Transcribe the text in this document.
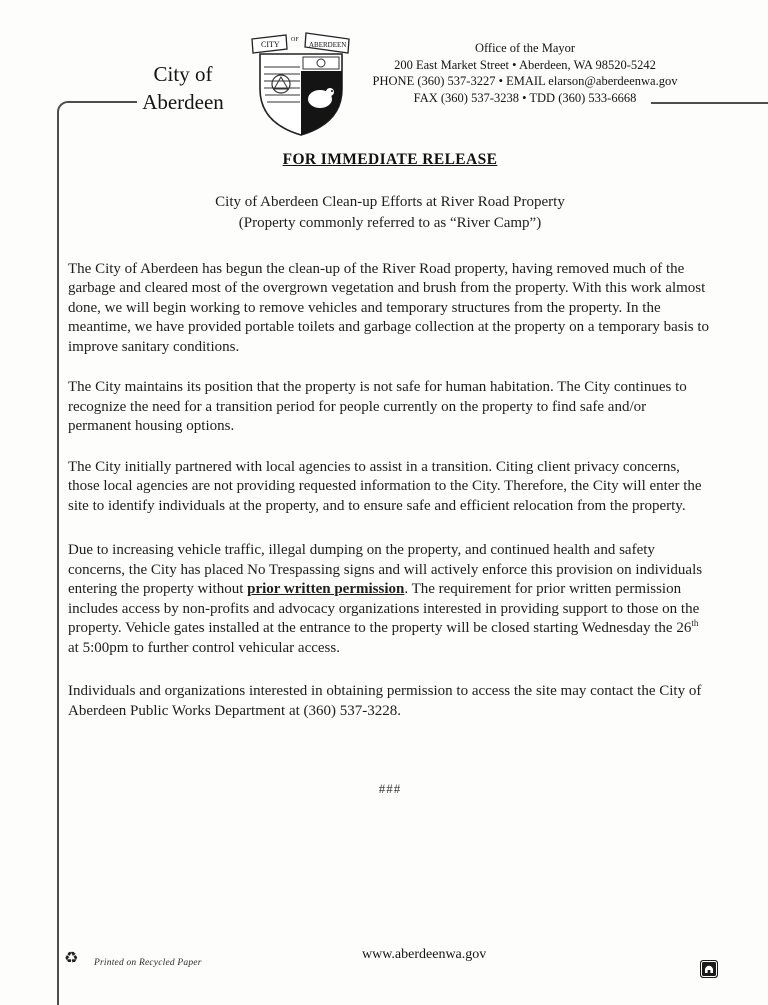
City of
Aberdeen
CITY OF
ABERDEEN	Office of the Mayor
200 East Market Street • Aberdeen, WA 98520-5242
PHONE (360) 537-3227 • EMAIL elarson@aberdeenwa.gov
FAX (360) 537-3238 • TDD (360) 533-6668
FOR IMMEDIATE RELEASE
City of Aberdeen Clean-up Efforts at River Road Property
(Property commonly referred to as “River Camp”)

The City of Aberdeen has begun the clean-up of the River Road property, having removed much of the garbage and cleared most of the overgrown vegetation and brush from the property. With this work almost done, we will begin working to remove vehicles and temporary structures from the property. In the meantime, we have provided portable toilets and garbage collection at the property on a temporary basis to improve sanitary conditions.

The City maintains its position that the property is not safe for human habitation. The City continues to recognize the need for a transition period for people currently on the property to find safe and/or permanent housing options.

The City initially partnered with local agencies to assist in a transition. Citing client privacy concerns, those local agencies are not providing requested information to the City. Therefore, the City will enter the site to identify individuals at the property, and to ensure safe and efficient relocation from the property.

Due to increasing vehicle traffic, illegal dumping on the property, and continued health and safety concerns, the City has placed No Trespassing signs and will actively enforce this provision on individuals entering the property without prior written permission. The requirement for prior written permission includes access by non-profits and advocacy organizations interested in providing support to those on the property. Vehicle gates installed at the entrance to the property will be closed starting Wednesday the 26th at 5:00pm to further control vehicular access.

Individuals and organizations interested in obtaining permission to access the site may contact the City of Aberdeen Public Works Department at (360) 537-3228.

###
♻ Printed on Recycled Paper
www.aberdeenwa.gov
